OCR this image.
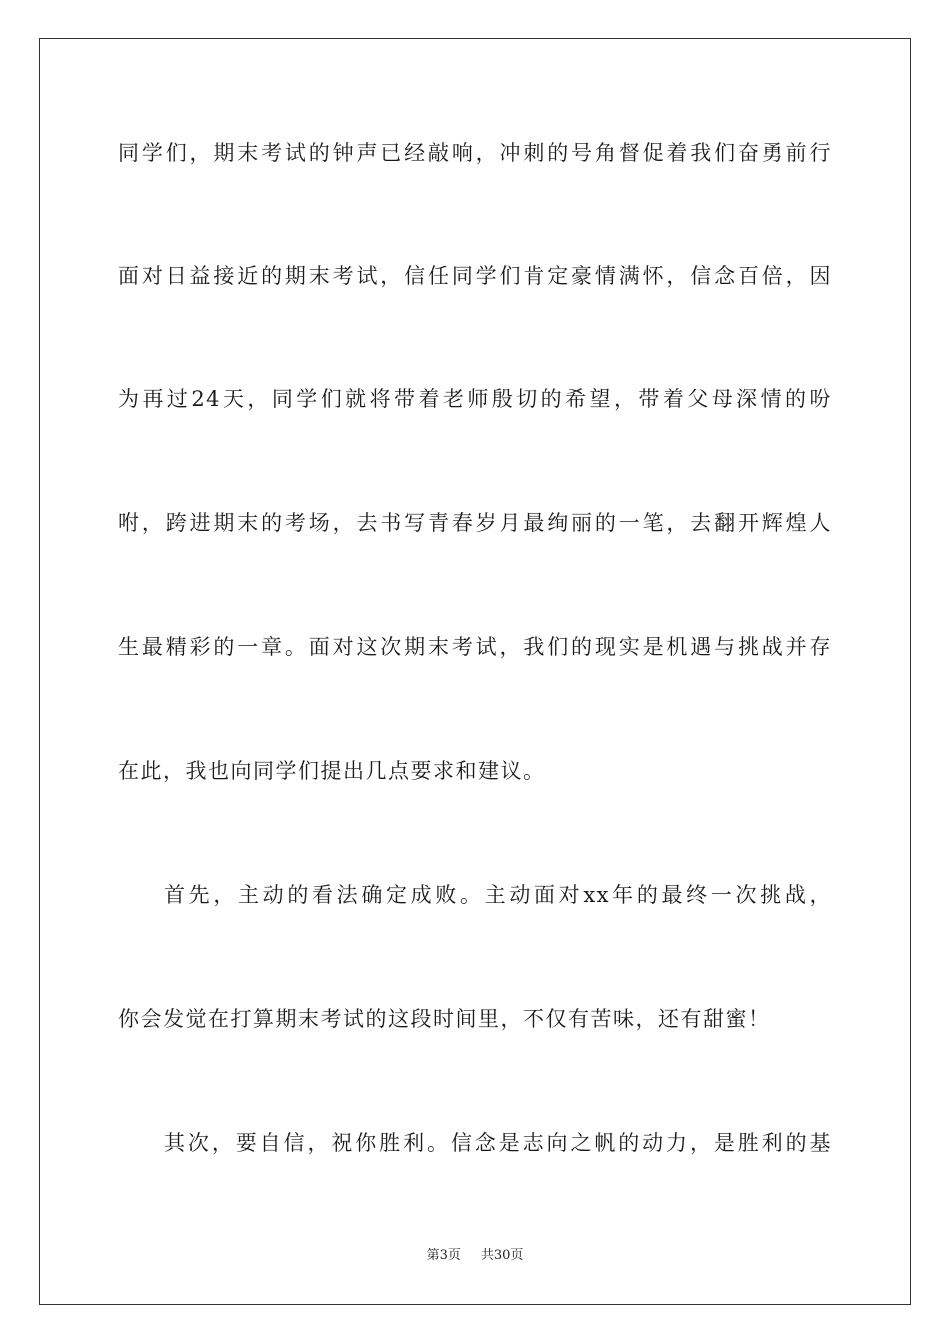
同学们，期末考试的钟声已经敲响，冲刺的号角督促着我们奋勇前行
面对日益接近的期末考试，信任同学们肯定豪情满怀，信念百倍，因
为再过24天，同学们就将带着老师殷切的希望，带着父母深情的吩
咐，跨进期末的考场，去书写青春岁月最绚丽的一笔，去翻开辉煌人
生最精彩的一章。面对这次期末考试，我们的现实是机遇与挑战并存
在此，我也向同学们提出几点要求和建议。
首先，主动的看法确定成败。主动面对xx年的最终一次挑战，
你会发觉在打算期末考试的这段时间里，不仅有苦味，还有甜蜜！
其次，要自信，祝你胜利。信念是志向之帆的动力，是胜利的基
第3页 共30页
